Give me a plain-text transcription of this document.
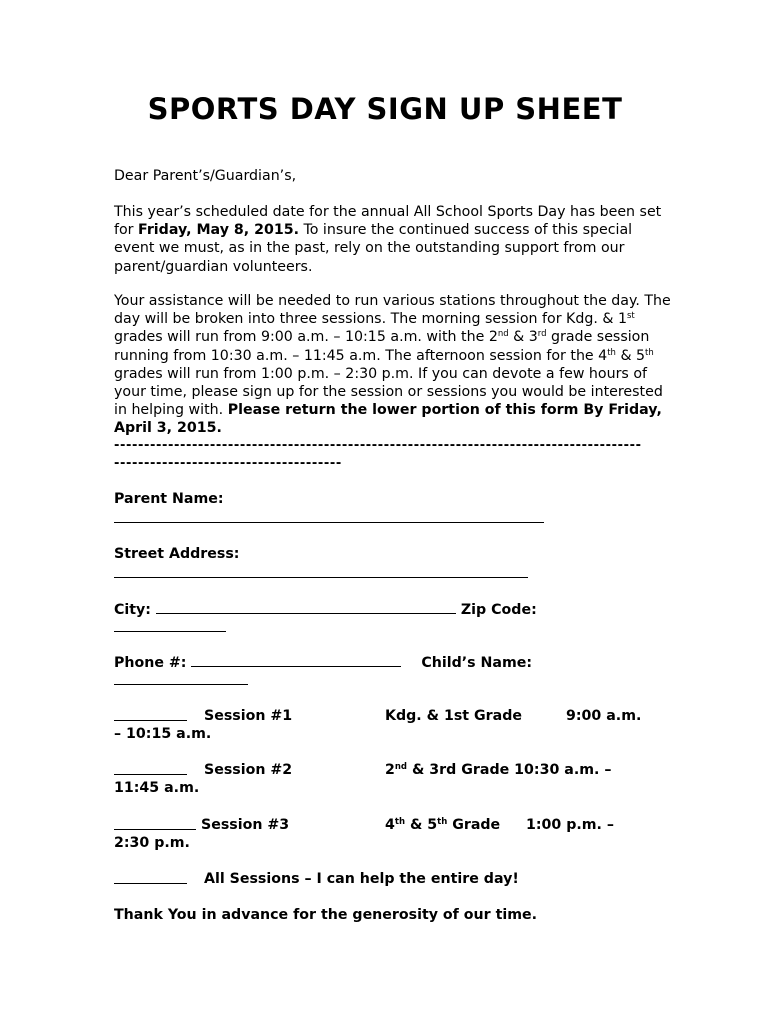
SPORTS DAY SIGN UP SHEET
Dear Parent’s/Guardian’s,
This year’s scheduled date for the annual All School Sports Day has been set for Friday, May 8, 2015. To insure the continued success of this special event we must, as in the past, rely on the outstanding support from our parent/guardian volunteers.
Your assistance will be needed to run various stations throughout the day. The day will be broken into three sessions. The morning session for Kdg. & 1st grades will run from 9:00 a.m. – 10:15 a.m. with the 2nd & 3rd grade session running from 10:30 a.m. – 11:45 a.m. The afternoon session for the 4th & 5th grades will run from 1:00 p.m. – 2:30 p.m. If you can devote a few hours of your time, please sign up for the session or sessions you would be interested in helping with. Please return the lower portion of this form By Friday, April 3, 2015.
----------------------------------------------------------------------------------------
--------------------------------------
Parent Name:
Street Address:
City:	Zip Code:
Phone #:	Child’s Name:
Session #1	Kdg. & 1st Grade	9:00 a.m.
– 10:15 a.m.
Session #2	2nd & 3rd Grade 10:30 a.m. –
11:45 a.m.
Session #3	4th & 5th Grade 1:00 p.m. –
2:30 p.m.
All Sessions – I can help the entire day!
Thank You in advance for the generosity of our time.
